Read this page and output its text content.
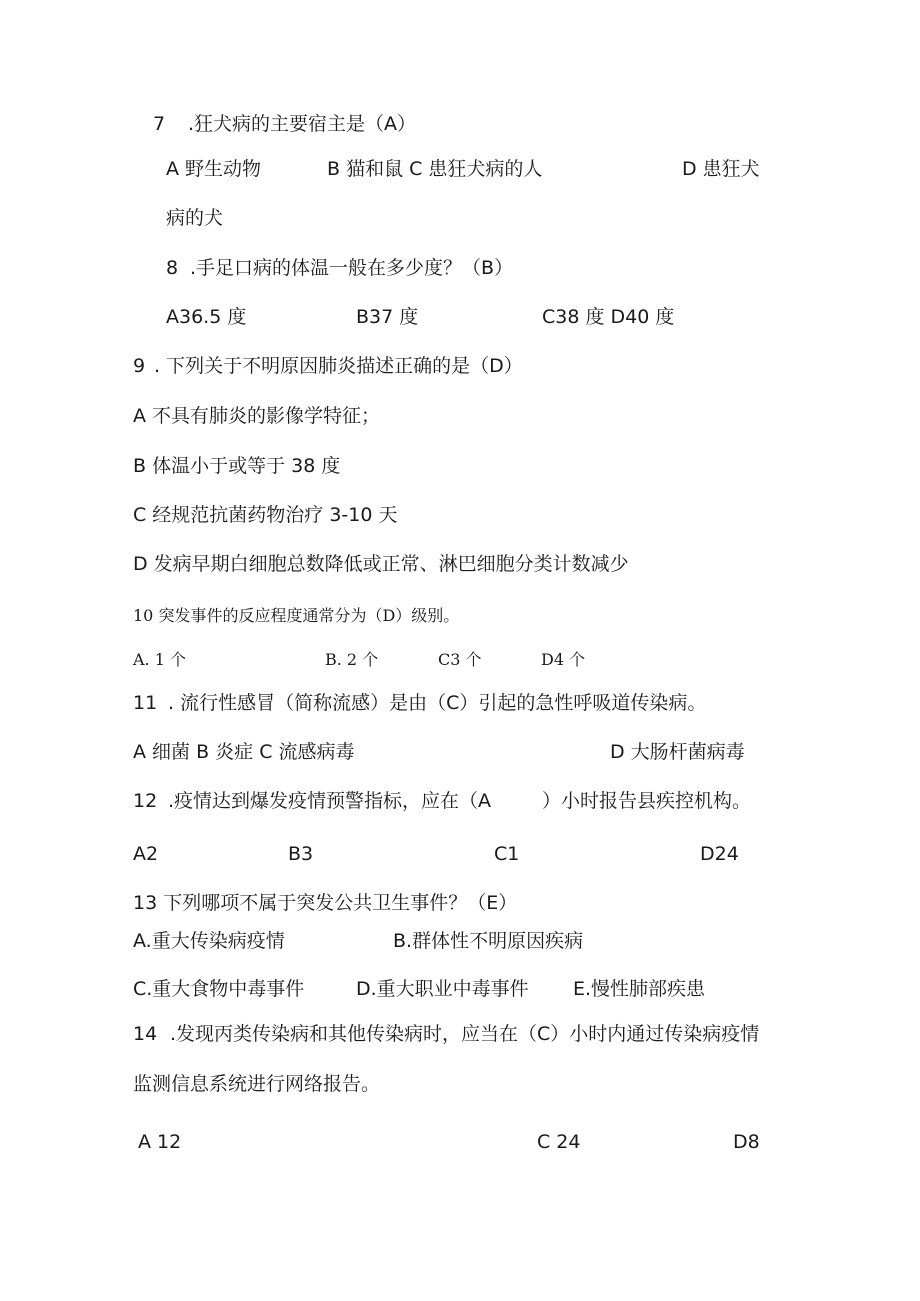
7 .狂犬病的主要宿主是（A）
A 野生动物	B 猫和鼠 C 患狂犬病的人	D 患狂犬
病的犬
8 .手足口病的体温一般在多少度？（B）
A36.5 度	B37 度	C38 度 D40 度
9 . 下列关于不明原因肺炎描述正确的是（D）
A 不具有肺炎的影像学特征；
B 体温小于或等于 38 度
C 经规范抗菌药物治疗 3-10 天
D 发病早期白细胞总数降低或正常、淋巴细胞分类计数减少
10 突发事件的反应程度通常分为（D）级别。
A. 1 个	B. 2 个	C3 个	D4 个
11 . 流行性感冒（简称流感）是由（C）引起的急性呼吸道传染病。
A 细菌 B 炎症 C 流感病毒	D 大肠杆菌病毒
12 .疫情达到爆发疫情预警指标，应在（A	）小时报告县疾控机构。
A2	B3	C1	D24
13 下列哪项不属于突发公共卫生事件？（E）
A.重大传染病疫情	B.群体性不明原因疾病
C.重大食物中毒事件	D.重大职业中毒事件 E.慢性肺部疾患
14 .发现丙类传染病和其他传染病时，应当在（C）小时内通过传染病疫情
监测信息系统进行网络报告。
A 12	C 24	D8
